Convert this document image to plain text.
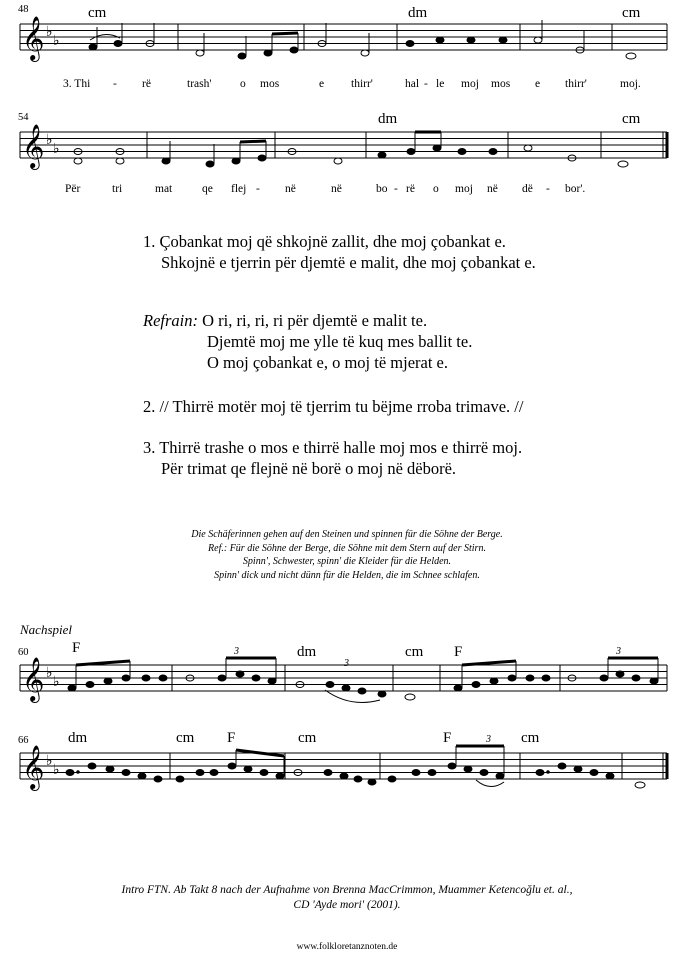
48	cm	dm	cm
𝄞 ♭
♭
3. Thi - rë	trash' o mos	e thirr'	hal - le moj mos e thirr'	moj.
54	dm	cm
𝄞 ♭
♭
Për	tri	mat	qe flej - në	në	bo - rë o moj në dë - bor'.
1. Çobankat moj që shkojnë zallit, dhe moj çobankat e.
Shkojnë e tjerrin për djemtë e malit, dhe moj çobankat e.
Refrain: O ri, ri, ri, ri për djemtë e malit te.
Djemtë moj me ylle të kuq mes ballit te.
O moj çobankat e, o moj të mjerat e.
2. // Thirrë motër moj të tjerrim tu bëjme rroba trimave. //
3. Thirrë trashe o mos e thirrë halle moj mos e thirrë moj.
Për trimat qe flejnë në borë o moj në dëborë.
Die Schäferinnen gehen auf den Steinen und spinnen für die Söhne der Berge.
Ref.: Für die Söhne der Berge, die Söhne mit dem Stern auf der Stirn.
Spinn', Schwester, spinn' die Kleider für die Helden.
Spinn' dick und nicht dünn für die Helden, die im Schnee schlafen.
Nachspiel
60	F	dm	cm F
𝄞 ♭
♭
3
3
3
66	dm	cm F	cm	F	cm
𝄞 ♭
♭
3
Intro FTN. Ab Takt 8 nach der Aufnahme von Brenna MacCrimmon, Muammer Ketencoğlu et. al.,
CD 'Ayde mori' (2001).
www.folkloretanznoten.de
